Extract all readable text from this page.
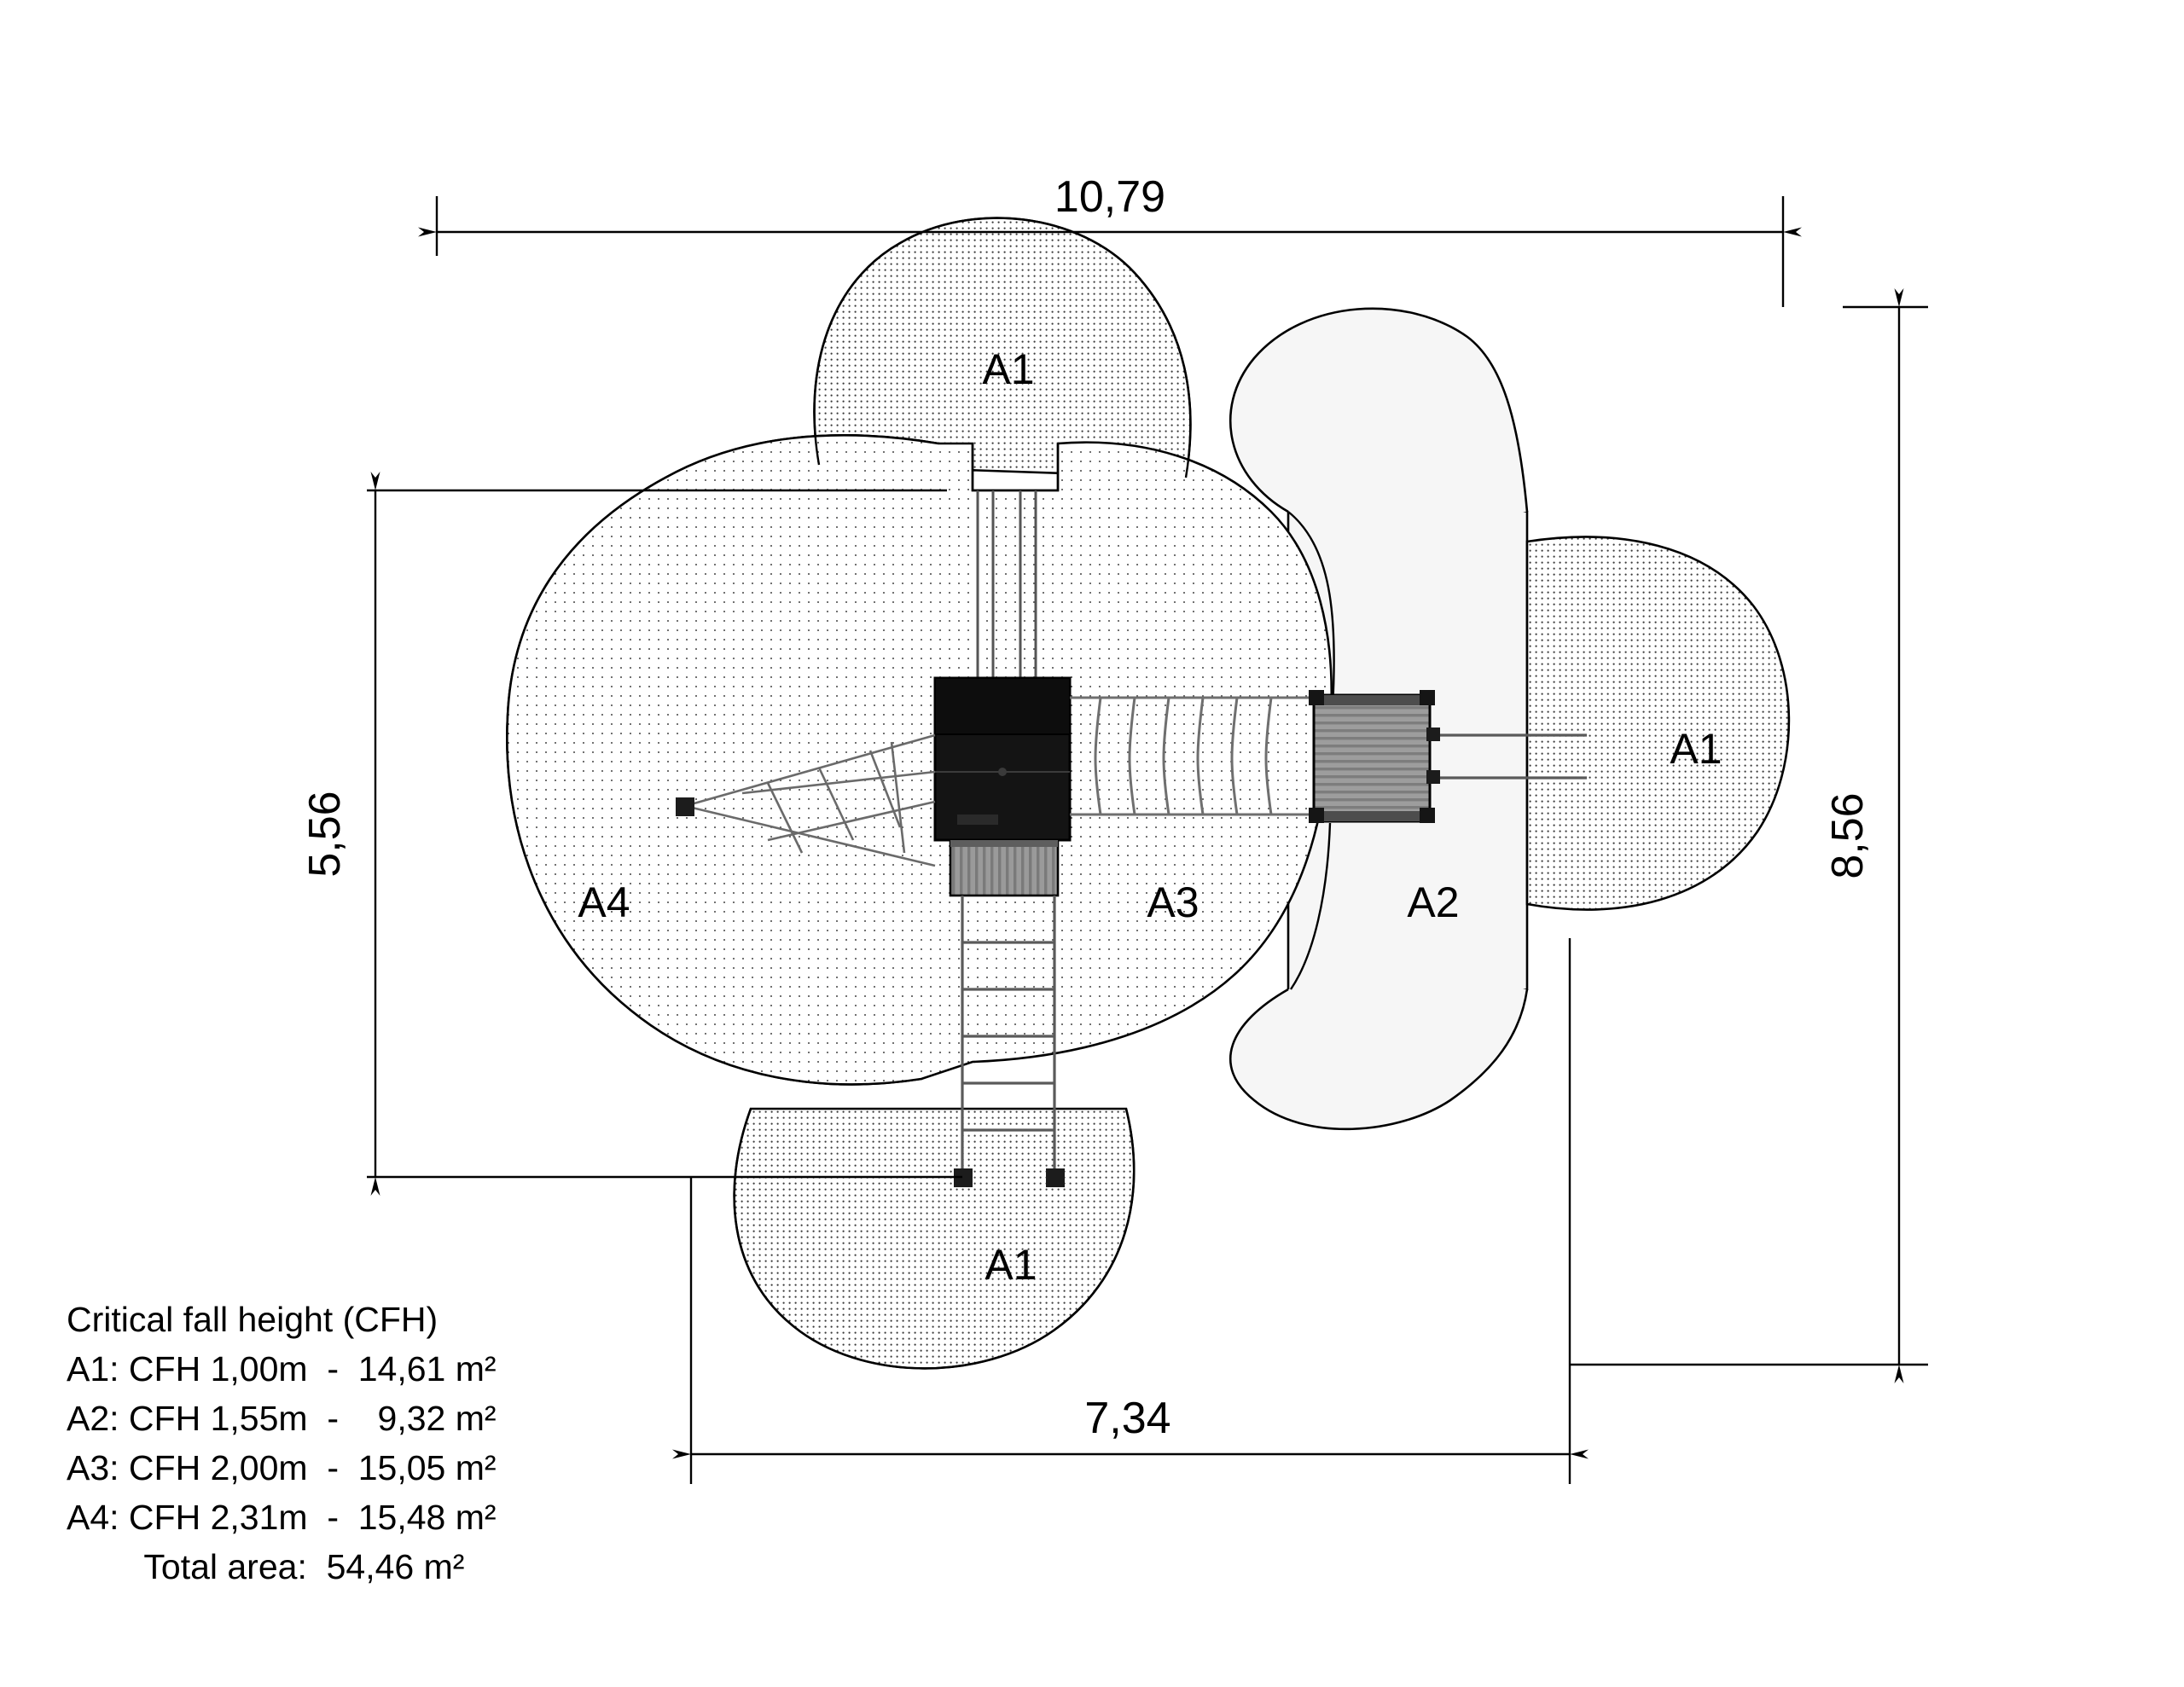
10,79
8,56
5,56
7,34
A1
A1
A1
A2
A3
A4
Critical fall height (CFH)
A1: CFH 1,00m  -  14,61 m²
A2: CFH 1,55m  -    9,32 m²
A3: CFH 2,00m  -  15,05 m²
A4: CFH 2,31m  -  15,48 m²
Total area:  54,46 m²
